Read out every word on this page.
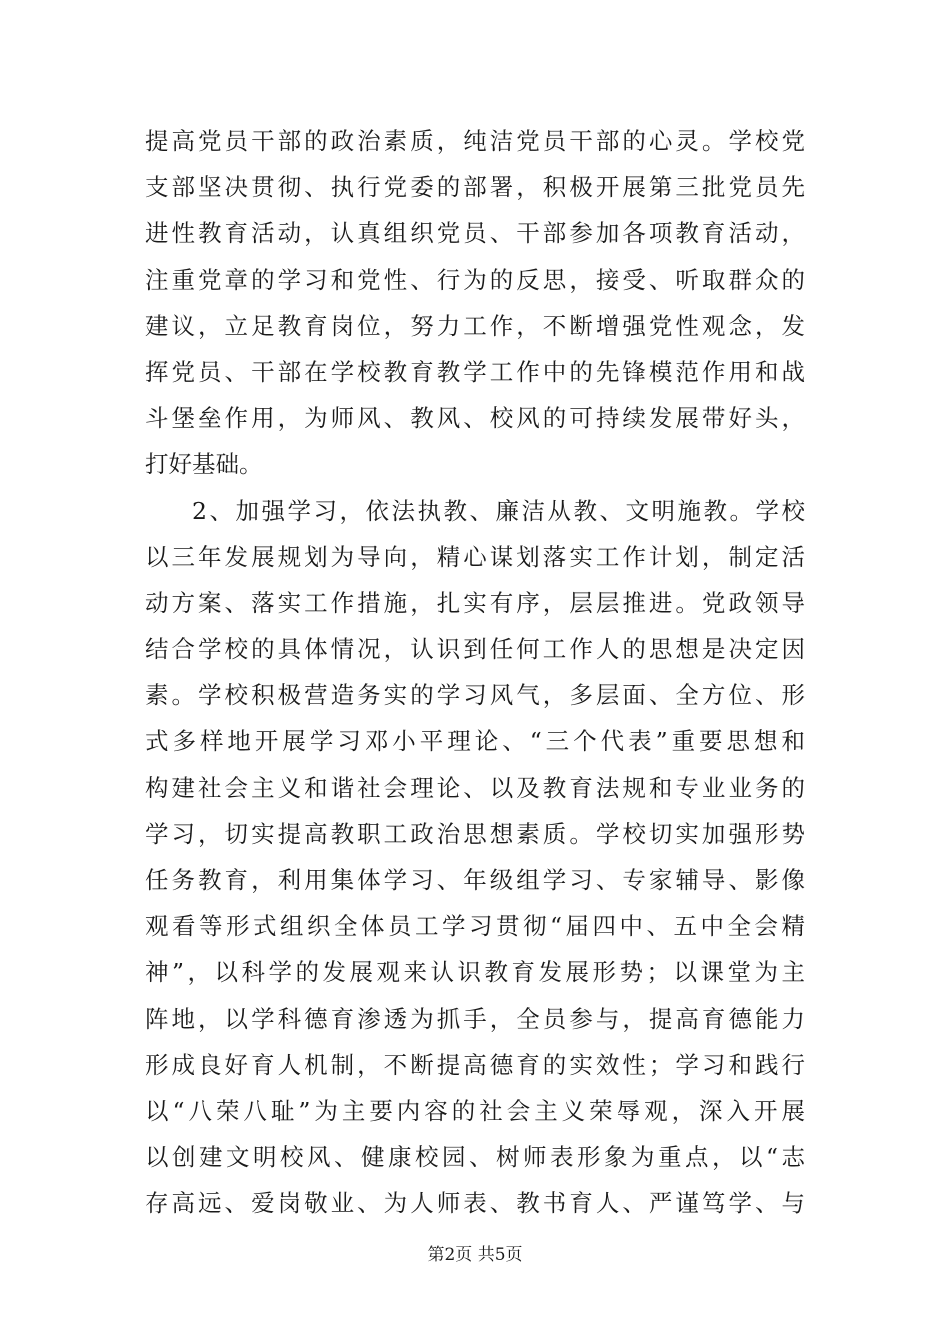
提高党员干部的政治素质，纯洁党员干部的心灵。学校党
支部坚决贯彻、执行党委的部署，积极开展第三批党员先
进性教育活动，认真组织党员、干部参加各项教育活动，
注重党章的学习和党性、行为的反思，接受、听取群众的
建议，立足教育岗位，努力工作，不断增强党性观念，发
挥党员、干部在学校教育教学工作中的先锋模范作用和战
斗堡垒作用，为师风、教风、校风的可持续发展带好头，
打好基础。
2、加强学习，依法执教、廉洁从教、文明施教。学校
以三年发展规划为导向，精心谋划落实工作计划，制定活
动方案、落实工作措施，扎实有序，层层推进。党政领导
结合学校的具体情况，认识到任何工作人的思想是决定因
素。学校积极营造务实的学习风气，多层面、全方位、形
式多样地开展学习邓小平理论、“三个代表”重要思想和
构建社会主义和谐社会理论、以及教育法规和专业业务的
学习，切实提高教职工政治思想素质。学校切实加强形势
任务教育，利用集体学习、年级组学习、专家辅导、影像
观看等形式组织全体员工学习贯彻“届四中、五中全会精
神”，以科学的发展观来认识教育发展形势；以课堂为主
阵地，以学科德育渗透为抓手，全员参与，提高育德能力
形成良好育人机制，不断提高德育的实效性；学习和践行
以“八荣八耻”为主要内容的社会主义荣辱观，深入开展
以创建文明校风、健康校园、树师表形象为重点，以“志
存高远、爱岗敬业、为人师表、教书育人、严谨笃学、与
第2页 共5页
